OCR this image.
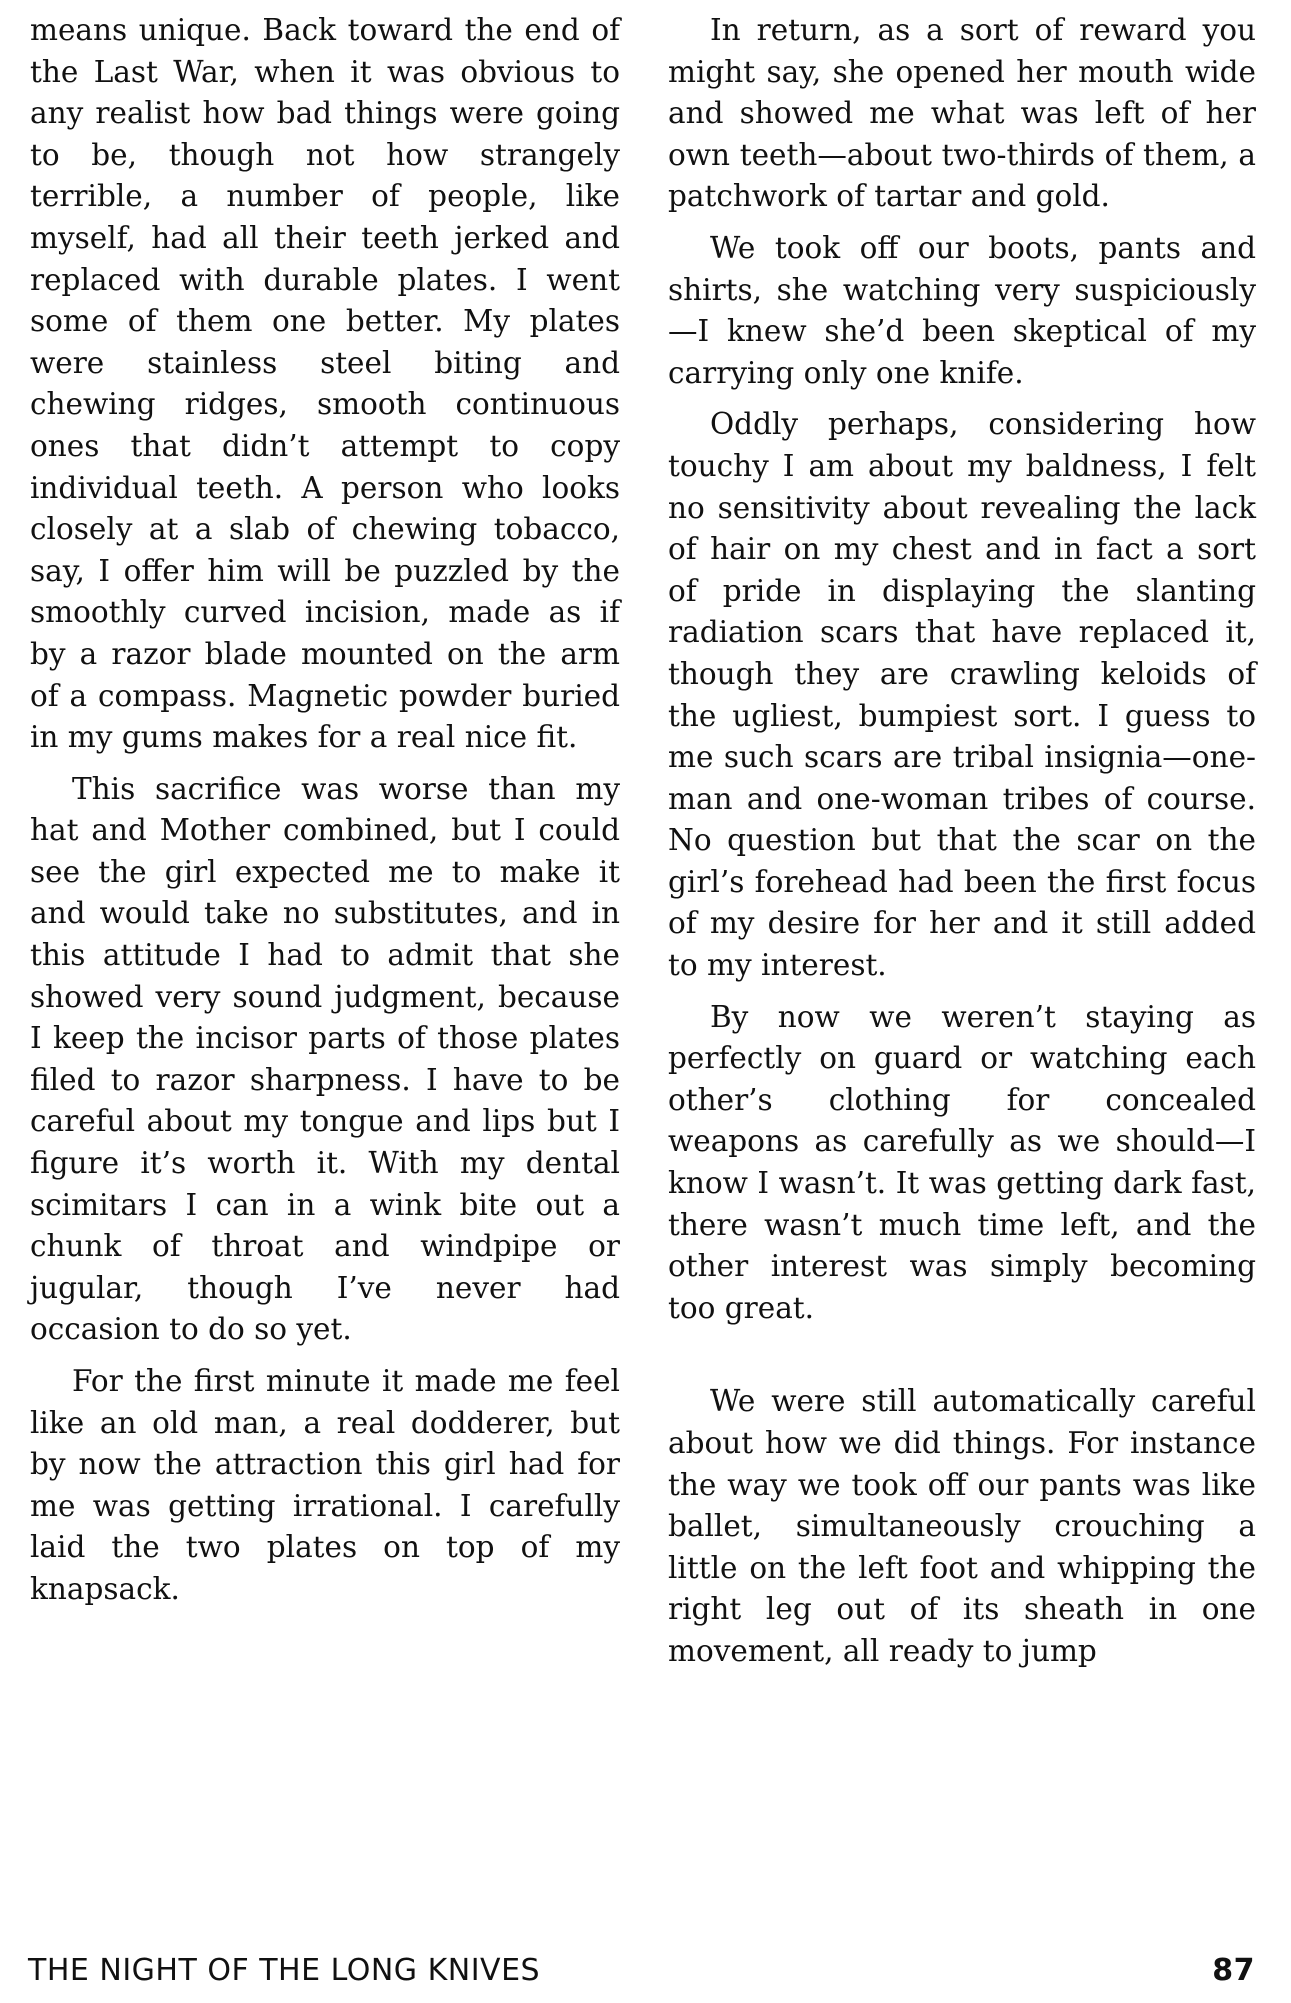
means unique. Back toward the end of the Last War, when it was obvious to any realist how bad things were going to be, though not how strangely terrible, a number of people, like myself, had all their teeth jerked and replaced with durable plates. I went some of them one better. My plates were stainless steel biting and chewing ridges, smooth continuous ones that didn’t attempt to copy individual teeth. A person who looks closely at a slab of chewing tobacco, say, I offer him will be puzzled by the smoothly curved incision, made as if by a razor blade mounted on the arm of a compass. Magnetic powder buried in my gums makes for a real nice fit.

This sacrifice was worse than my hat and Mother combined, but I could see the girl expected me to make it and would take no substitutes, and in this attitude I had to admit that she showed very sound judgment, because I keep the incisor parts of those plates filed to razor sharpness. I have to be careful about my tongue and lips but I figure it’s worth it. With my dental scimitars I can in a wink bite out a chunk of throat and windpipe or jugular, though I’ve never had occasion to do so yet.

For the first minute it made me feel like an old man, a real dodderer, but by now the attraction this girl had for me was getting irrational. I carefully laid the two plates on top of my knapsack.

In return, as a sort of reward you might say, she opened her mouth wide and showed me what was left of her own teeth—about two-thirds of them, a patchwork of tartar and gold.

We took off our boots, pants and shirts, she watching very suspiciously—I knew she’d been skeptical of my carrying only one knife.

Oddly perhaps, considering how touchy I am about my baldness, I felt no sensitivity about revealing the lack of hair on my chest and in fact a sort of pride in displaying the slanting radiation scars that have replaced it, though they are crawling keloids of the ugliest, bumpiest sort. I guess to me such scars are tribal insignia—one-man and one-woman tribes of course. No question but that the scar on the girl’s forehead had been the first focus of my desire for her and it still added to my interest.

By now we weren’t staying as perfectly on guard or watching each other’s clothing for concealed weapons as carefully as we should—I know I wasn’t. It was getting dark fast, there wasn’t much time left, and the other interest was simply becoming too great.

We were still automatically careful about how we did things. For instance the way we took off our pants was like ballet, simultaneously crouching a little on the left foot and whipping the right leg out of its sheath in one movement, all ready to jump

THE NIGHT OF THE LONG KNIVES	87
